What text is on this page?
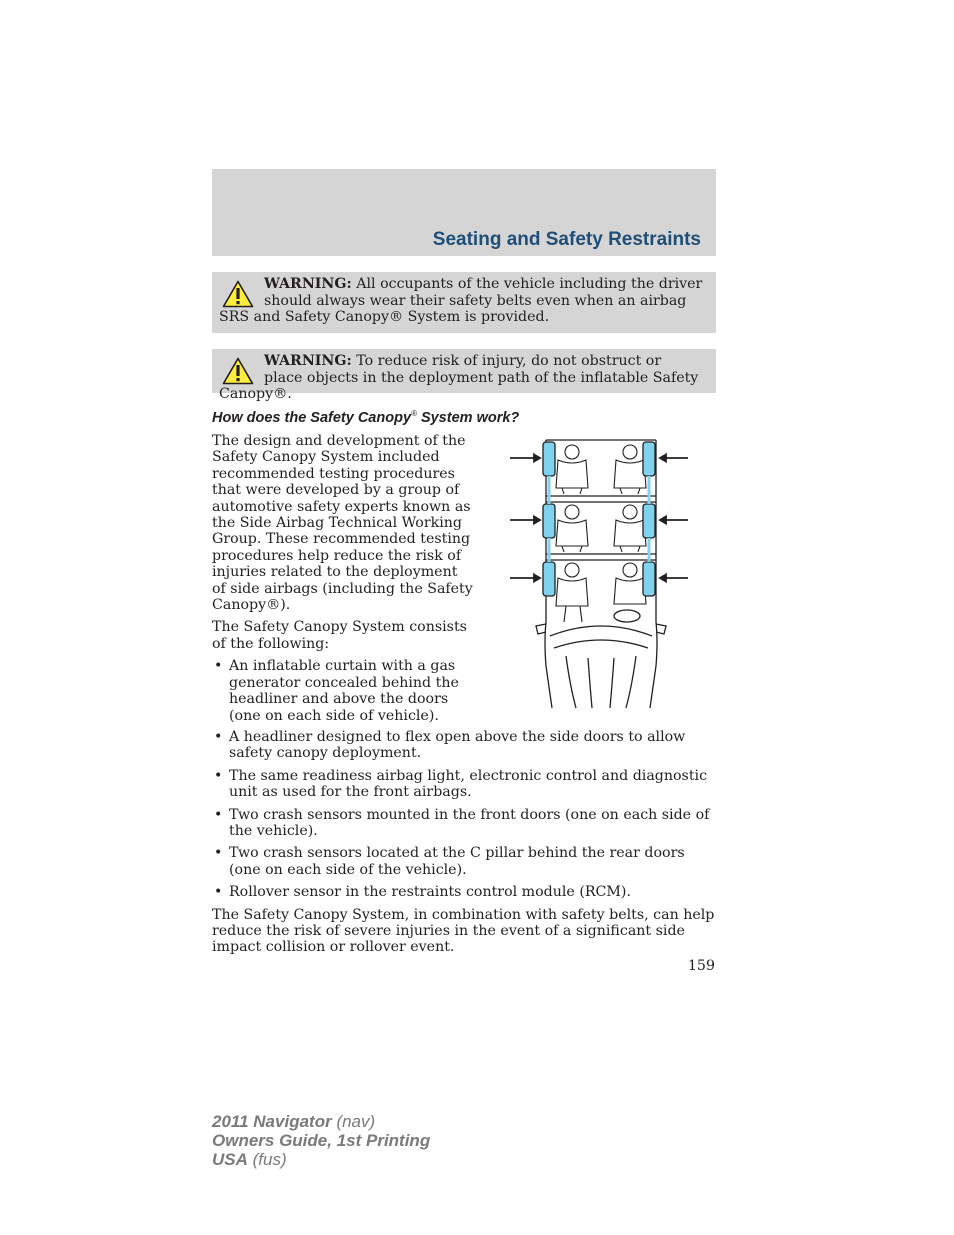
Seating and Safety Restraints
WARNING: All occupants of the vehicle including the driver should always wear their safety belts even when an airbag SRS and Safety Canopy® System is provided.
WARNING: To reduce risk of injury, do not obstruct or place objects in the deployment path of the inflatable Safety Canopy®.
How does the Safety Canopy® System work?

The design and development of the Safety Canopy System included recommended testing procedures that were developed by a group of automotive safety experts known as the Side Airbag Technical Working Group. These recommended testing procedures help reduce the risk of injuries related to the deployment of side airbags (including the Safety Canopy®).

The Safety Canopy System consists of the following:

• An inflatable curtain with a gas generator concealed behind the headliner and above the doors (one on each side of vehicle).
• A headliner designed to flex open above the side doors to allow safety canopy deployment.
• The same readiness airbag light, electronic control and diagnostic unit as used for the front airbags.
• Two crash sensors mounted in the front doors (one on each side of the vehicle).
• Two crash sensors located at the C pillar behind the rear doors (one on each side of the vehicle).
• Rollover sensor in the restraints control module (RCM).

The Safety Canopy System, in combination with safety belts, can help reduce the risk of severe injuries in the event of a significant side impact collision or rollover event.

159
2011 Navigator (nav)
Owners Guide, 1st Printing
USA (fus)
